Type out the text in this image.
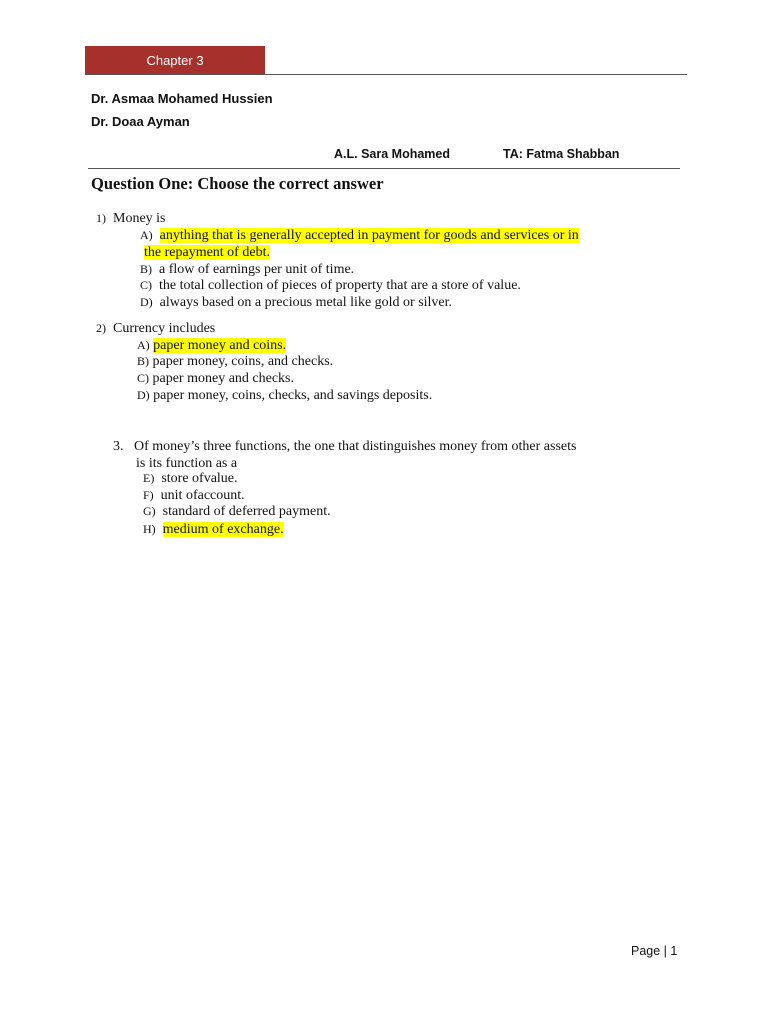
Chapter 3
Dr. Asmaa Mohamed Hussien
Dr. Doaa Ayman
A.L. Sara Mohamed	TA: Fatma Shabban
Question One: Choose the correct answer
1) Money is
A) anything that is generally accepted in payment for goods and services or in
the repayment of debt.
B) a flow of earnings per unit of time.
C) the total collection of pieces of property that are a store of value.
D) always based on a precious metal like gold or silver.
2) Currency includes
A) paper money and coins.
B) paper money, coins, and checks.
C) paper money and checks.
D) paper money, coins, checks, and savings deposits.
3. Of money’s three functions, the one that distinguishes money from other assets
is its function as a
E) store ofvalue.
F) unit ofaccount.
G) standard of deferred payment.
H) medium of exchange.
Page | 1
